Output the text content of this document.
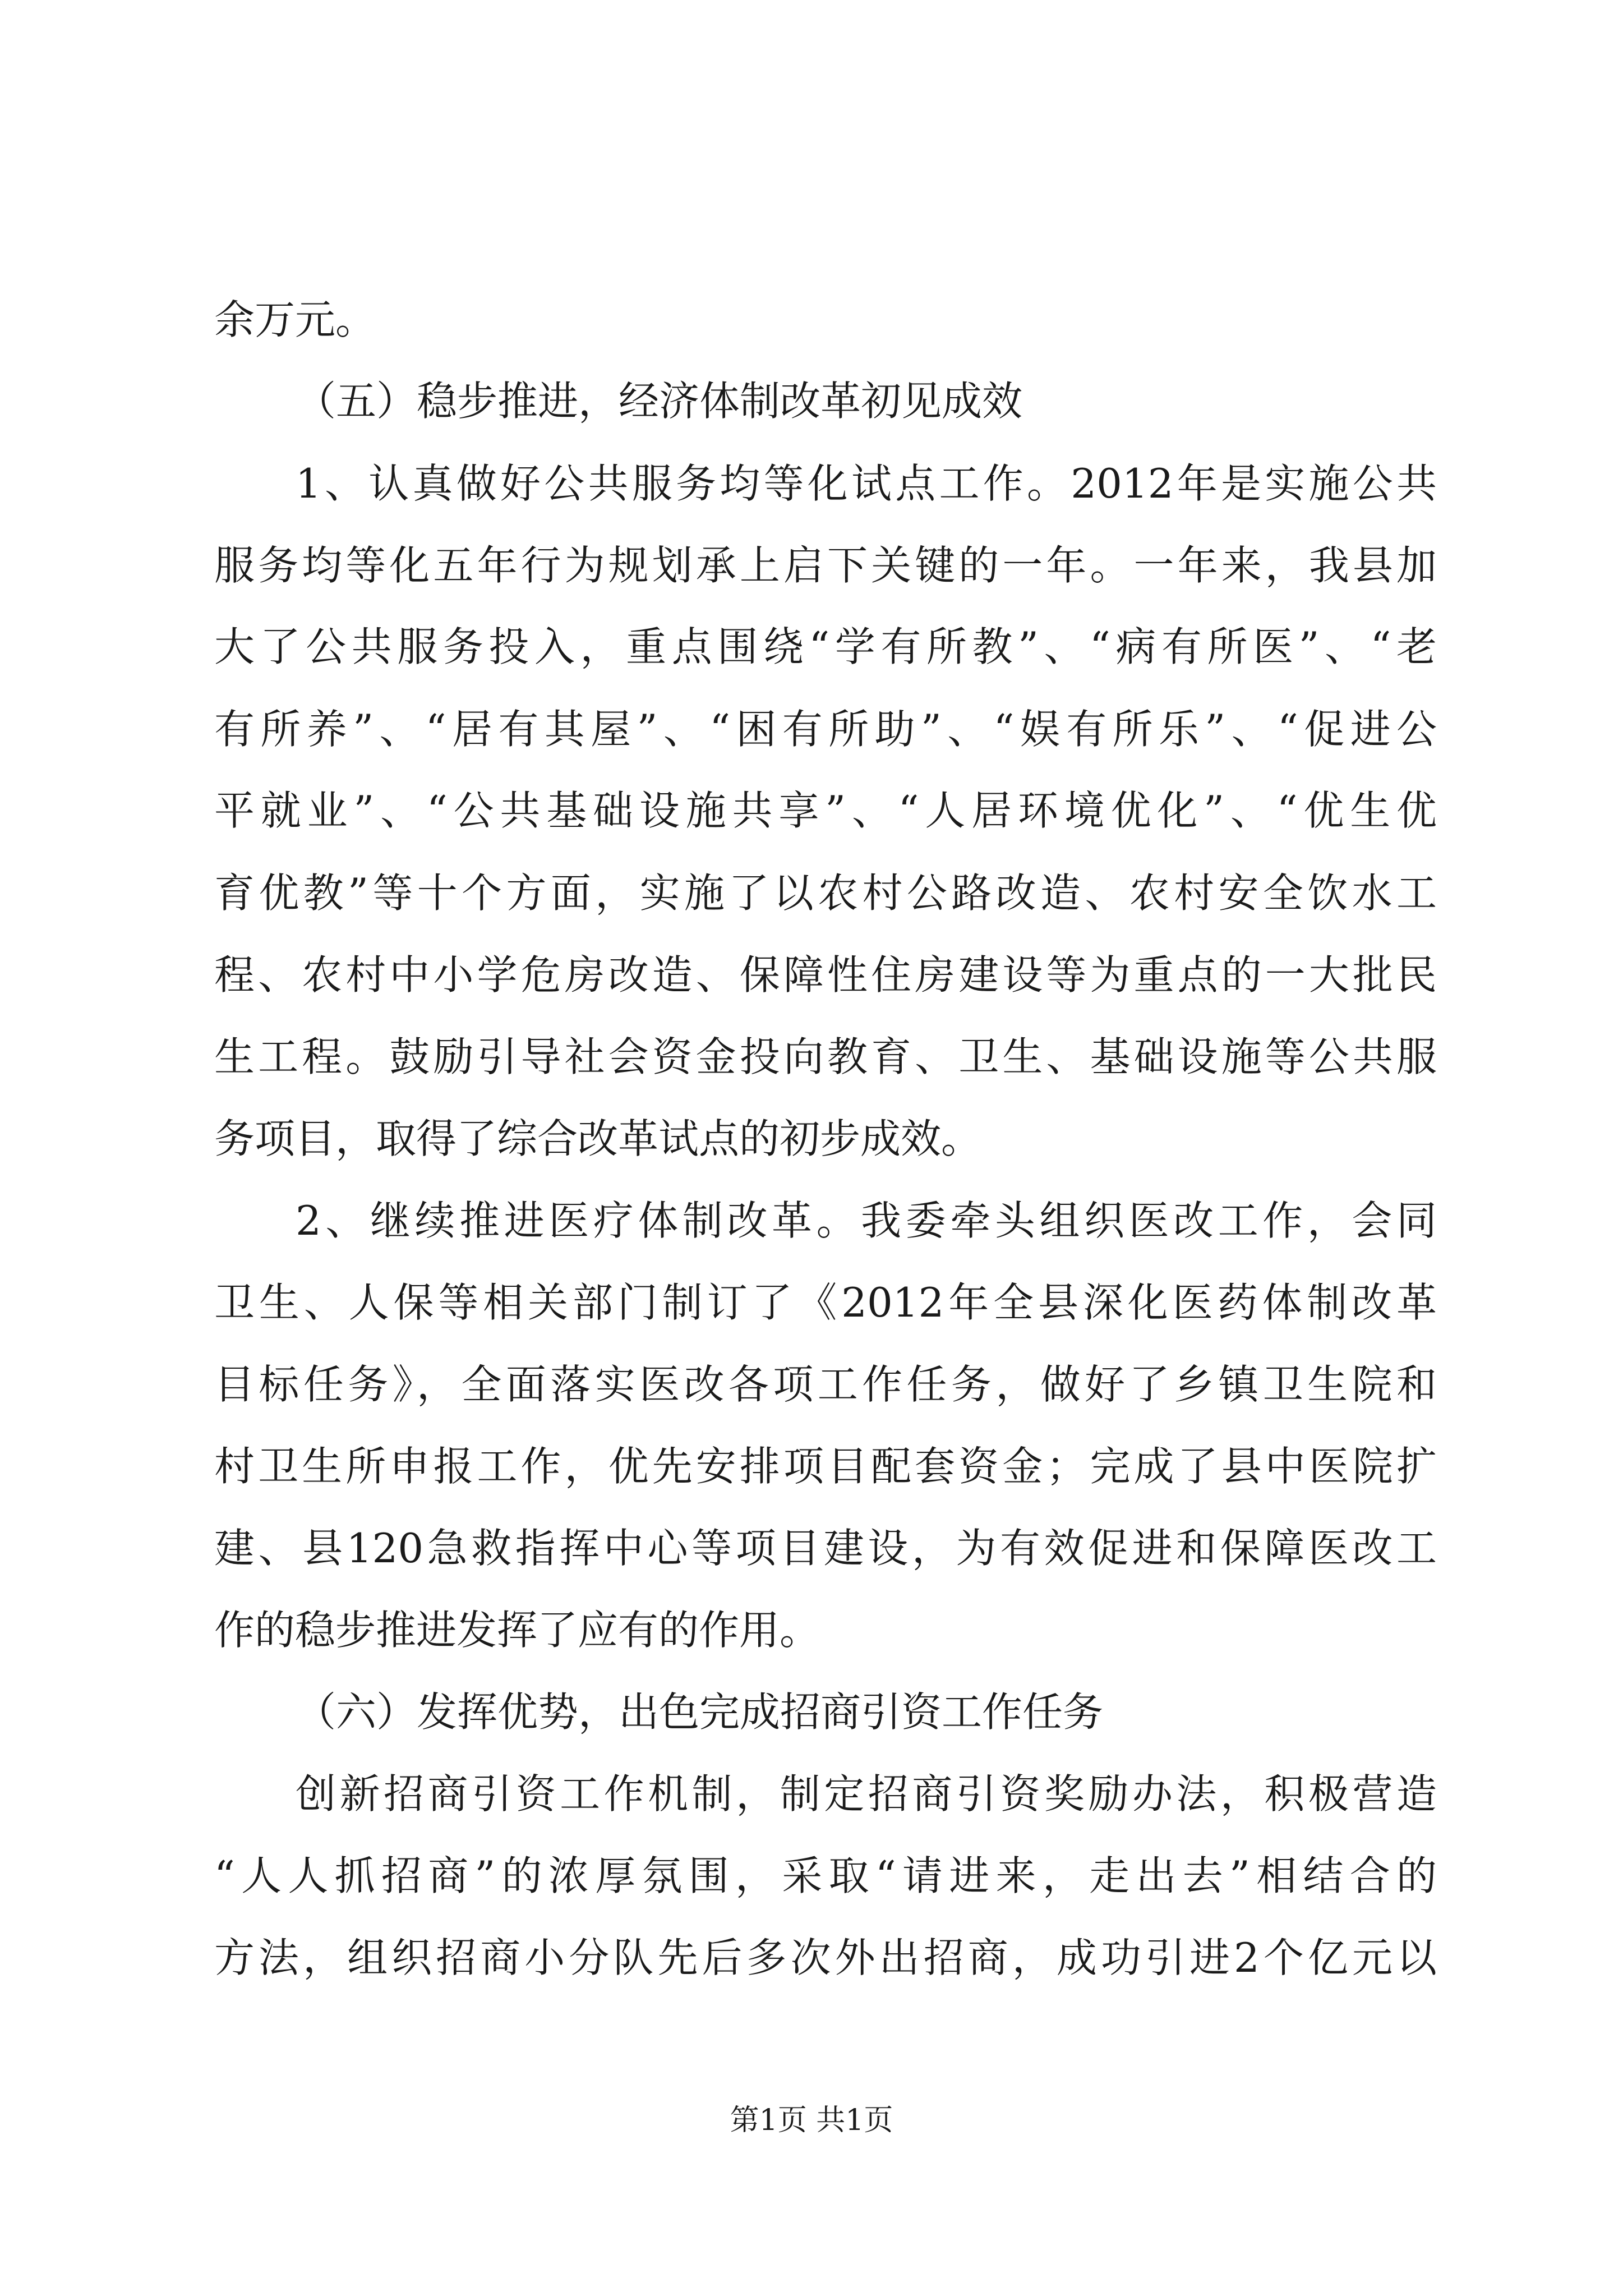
余万元。
（五）稳步推进，经济体制改革初见成效
1、认真做好公共服务均等化试点工作。2012年是实施公共
服务均等化五年行为规划承上启下关键的一年。一年来，我县加
大了公共服务投入，重点围绕“学有所教”、“病有所医”、“老
有所养”、“居有其屋”、“困有所助”、“娱有所乐”、“促进公
平就业”、“公共基础设施共享”、“人居环境优化”、“优生优
育优教”等十个方面，实施了以农村公路改造、农村安全饮水工
程、农村中小学危房改造、保障性住房建设等为重点的一大批民
生工程。鼓励引导社会资金投向教育、卫生、基础设施等公共服
务项目，取得了综合改革试点的初步成效。
2、继续推进医疗体制改革。我委牵头组织医改工作，会同
卫生、人保等相关部门制订了《2012年全县深化医药体制改革
目标任务》，全面落实医改各项工作任务，做好了乡镇卫生院和
村卫生所申报工作，优先安排项目配套资金；完成了县中医院扩
建、县120急救指挥中心等项目建设，为有效促进和保障医改工
作的稳步推进发挥了应有的作用。
（六）发挥优势，出色完成招商引资工作任务
创新招商引资工作机制，制定招商引资奖励办法，积极营造
“人人抓招商”的浓厚氛围，采取“请进来，走出去”相结合的
方法，组织招商小分队先后多次外出招商，成功引进2个亿元以
第1页 共1页
